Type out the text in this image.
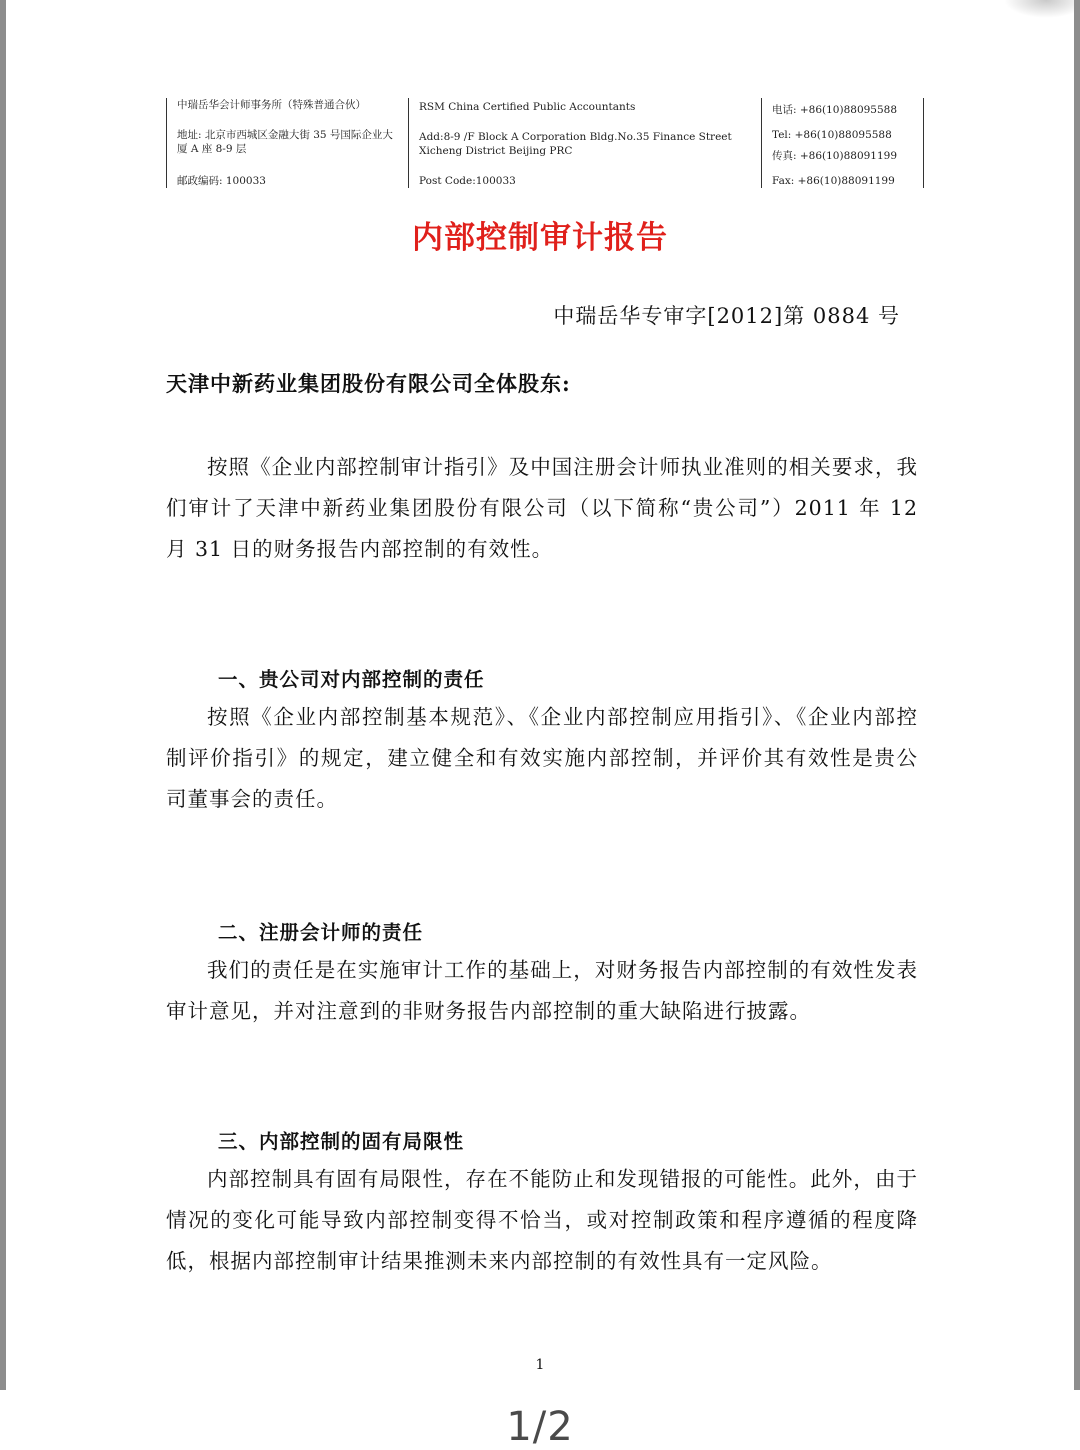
中瑞岳华会计师事务所（特殊普通合伙）
地址: 北京市西城区金融大街 35 号国际企业大厦 A 座 8-9 层
邮政编码: 100033
RSM China Certified Public Accountants
Add:8-9 /F Block A Corporation Bldg.No.35 Finance Street Xicheng District Beijing PRC
Post Code:100033
电话: +86(10)88095588
Tel: +86(10)88095588
传真: +86(10)88091199
Fax: +86(10)88091199
内部控制审计报告
中瑞岳华专审字[2012]第 0884 号
天津中新药业集团股份有限公司全体股东:
按照《企业内部控制审计指引》及中国注册会计师执业准则的相关要求，我们审计了天津中新药业集团股份有限公司（以下简称“贵公司”）2011 年 12 月 31 日的财务报告内部控制的有效性。
一、贵公司对内部控制的责任
按照《企业内部控制基本规范》、《企业内部控制应用指引》、《企业内部控制评价指引》的规定，建立健全和有效实施内部控制，并评价其有效性是贵公司董事会的责任。
二、注册会计师的责任
我们的责任是在实施审计工作的基础上，对财务报告内部控制的有效性发表审计意见，并对注意到的非财务报告内部控制的重大缺陷进行披露。
三、内部控制的固有局限性
内部控制具有固有局限性，存在不能防止和发现错报的可能性。此外，由于情况的变化可能导致内部控制变得不恰当，或对控制政策和程序遵循的程度降低，根据内部控制审计结果推测未来内部控制的有效性具有一定风险。
1
1/2
